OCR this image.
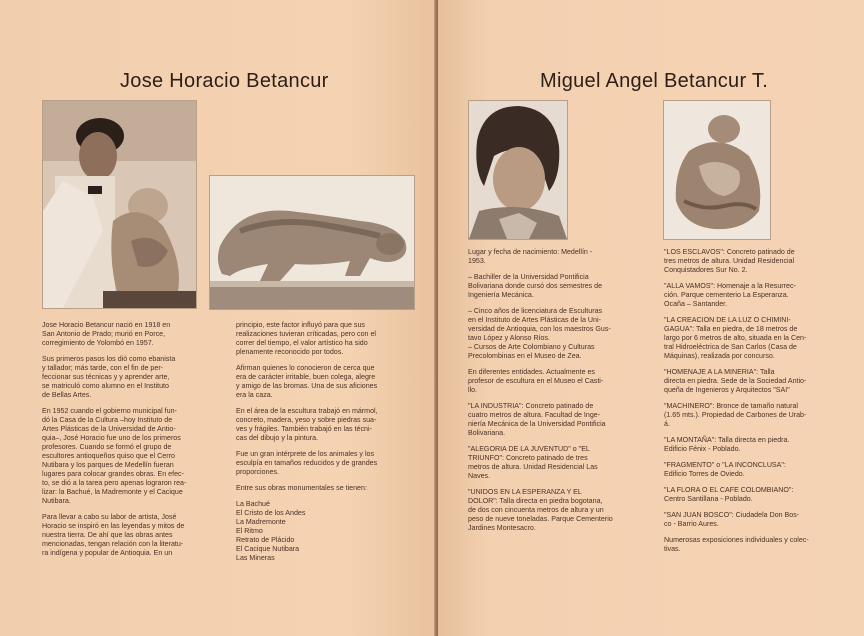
Jose Horacio Betancur

Jose Horacio Betancur nació en 1918 en
San Antonio de Prado; murió en Porce,
corregimiento de Yolombó en 1957.

Sus primeros pasos los dió como ebanista
y tallador; más tarde, con el fin de per-
feccionar sus técnicas y y aprender arte,
se matriculó como alumno en el Instituto
de Bellas Artes.

En 1952 cuando el gobierno municipal fun-
dó la Casa de la Cultura –hoy Instituto de
Artes Plásticas de la Universidad de Antio-
quia–, José Horacio fue uno de los primeros
profesores. Cuando se formó el grupo de
escultores antioqueños quiso que el Cerro
Nutibara y los parques de Medellín fueran
lugares para colocar grandes obras. En efec-
to, se dió a la tarea pero apenas lograron rea-
lizar: la Bachué, la Madremonte y el Cacique
Nutibara.

Para llevar a cabo su labor de artista, José
Horacio se inspiró en las leyendas y mitos de
nuestra tierra. De ahí que las obras antes
mencionadas, tengan relación con la literatu-
ra indígena y popular de Antioquia. En un

principio, este factor influyó para que sus
realizaciones tuvieran críticadas, pero con el
correr del tiempo, el valor artístico ha sido
plenamente reconocido por todos.

Afirman quienes lo conocieron de cerca que
era de carácter irritable, buen colega, alegre
y amigo de las bromas. Una de sus aficiones
era la caza.

En el área de la escultura trabajó en mármol,
concreto, madera, yeso y sobre piedras sua-
ves y frágiles. También trabajó en las técni-
cas del dibujo y la pintura.

Fue un gran intérprete de los animales y los
esculpía en tamaños reducidos y de grandes
proporciones.

Entre sus obras monumentales se tienen:

La Bachué
El Cristo de los Andes
La Madremonte
El Ritmo
Retrato de Plácido
El Cacique Nutibara
Las Mineras
Miguel Angel Betancur T.

Lugar y fecha de nacimiento: Medellín -
1953.

– Bachiller de la Universidad Pontificia
Bolivariana donde cursó dos semestres de
Ingeniería Mecánica.

– Cinco años de licenciatura de Esculturas
en el Instituto de Artes Plásticas de la Uni-
versidad de Antioquia, con los maestros Gus-
tavo López y Alonso Ríos.
– Cursos de Arte Colombiano y Culturas
Precolombinas en el Museo de Zea.

En diferentes entidades. Actualmente es
profesor de escultura en el Museo el Casti-
llo.

"LA INDUSTRIA": Concreto patinado de
cuatro metros de altura. Facultad de Inge-
niería Mecánica de la Universidad Pontificia
Bolivariana.

"ALEGORIA DE LA JUVENTUD" o "EL
TRIUNFO": Concreto patinado de tres
metros de altura. Unidad Residencial Las
Naves.

"UNIDOS EN LA ESPERANZA Y EL
DOLOR": Talla directa en piedra bogotana,
de dos con cincuenta metros de altura y un
peso de nueve toneladas. Parque Cementerio
Jardines Montesacro.

"LOS ESCLAVOS": Concreto patinado de
tres metros de altura. Unidad Residencial
Conquistadores Sur No. 2.

"ALLA VAMOS": Homenaje a la Resurrec-
ción. Parque cementerio La Esperanza.
Ocaña – Santander.

"LA CREACION DE LA LUZ O CHIMINI-
GAGUA": Talla en piedra, de 18 metros de
largo por 6 metros de alto, situada en la Cen-
tral Hidroeléctrica de San Carlos (Casa de
Máquinas), realizada por concurso.

"HOMENAJE A LA MINERIA": Talla
directa en piedra. Sede de la Sociedad Antio-
queña de Ingenieros y Arquitectos "SAI"

"MACHINERO": Bronce de tamaño natural
(1.65 mts.). Propiedad de Carbones de Urab-
á.

"LA MONTAÑA": Talla directa en piedra.
Edificio Fénix - Poblado.

"FRAGMENTO" o "LA INCONCLUSA":
Edificio Torres de Oviedo.

"LA FLORA O EL CAFE COLOMBIANO":
Centro Santillana - Poblado.

"SAN JUAN BOSCO": Ciudadela Don Bos-
co - Barrio Aures.

Numerosas exposiciones individuales y colec-
tivas.
